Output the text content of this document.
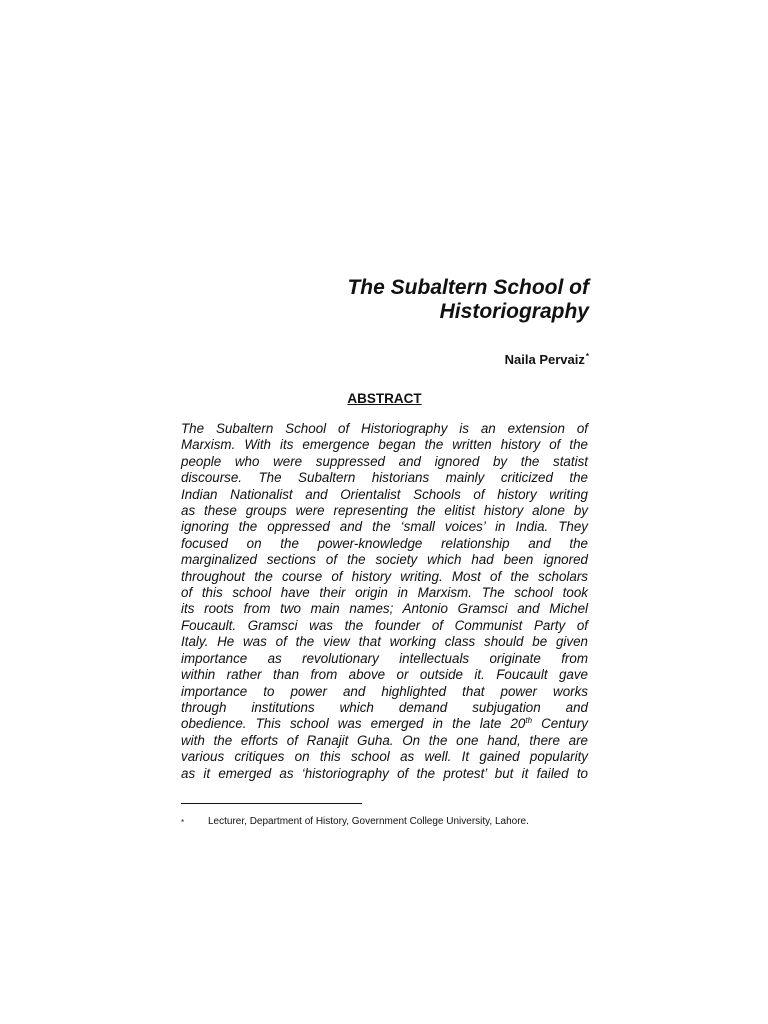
The Subaltern School of
Historiography
Naila Pervaiz*
ABSTRACT
The Subaltern School of Historiography is an extension of
Marxism. With its emergence began the written history of the
people who were suppressed and ignored by the statist
discourse. The Subaltern historians mainly criticized the
Indian Nationalist and Orientalist Schools of history writing
as these groups were representing the elitist history alone by
ignoring the oppressed and the ‘small voices’ in India. They
focused on the power-knowledge relationship and the
marginalized sections of the society which had been ignored
throughout the course of history writing. Most of the scholars
of this school have their origin in Marxism. The school took
its roots from two main names; Antonio Gramsci and Michel
Foucault. Gramsci was the founder of Communist Party of
Italy. He was of the view that working class should be given
importance as revolutionary intellectuals originate from
within rather than from above or outside it. Foucault gave
importance to power and highlighted that power works
through institutions which demand subjugation and
obedience. This school was emerged in the late 20th Century
with the efforts of Ranajit Guha. On the one hand, there are
various critiques on this school as well. It gained popularity
as it emerged as ‘historiography of the protest’ but it failed to
* Lecturer, Department of History, Government College University, Lahore.
